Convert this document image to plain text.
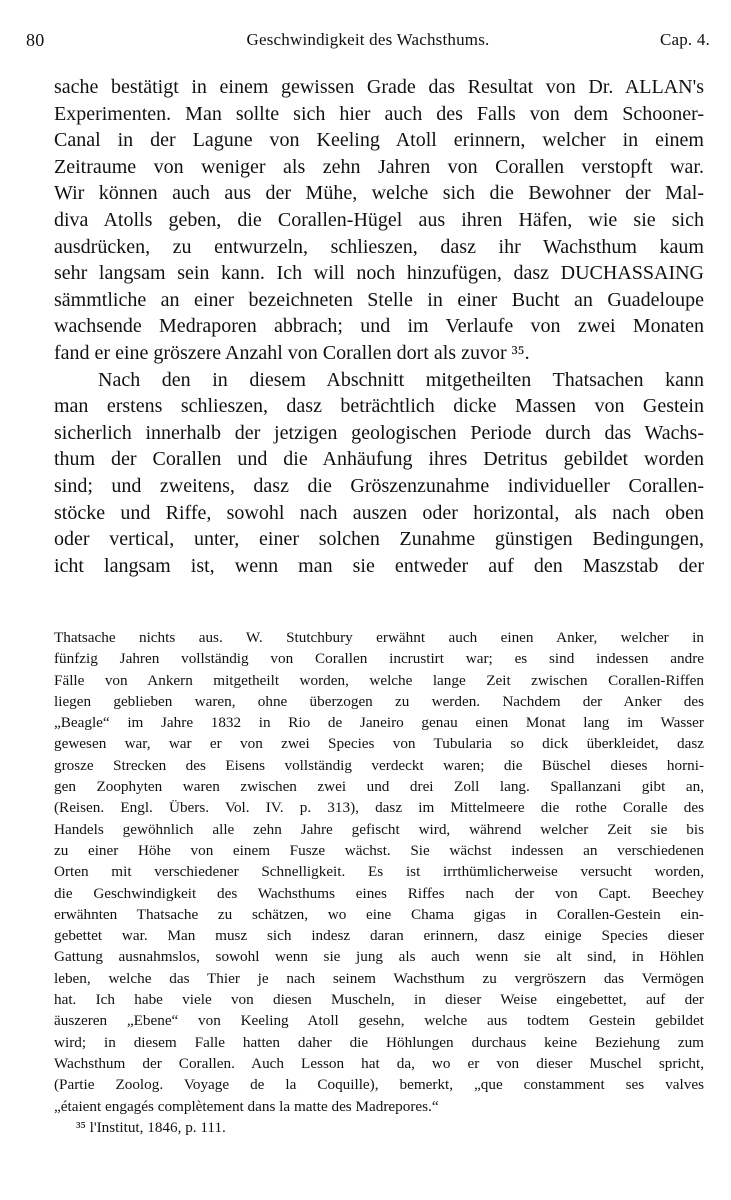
80	Geschwindigkeit des Wachsthums.	Cap. 4.

sache bestätigt in einem gewissen Grade das Resultat von Dr. ALLAN's

Experimenten. Man sollte sich hier auch des Falls von dem Schooner-

Canal in der Lagune von Keeling Atoll erinnern, welcher in einem

Zeitraume von weniger als zehn Jahren von Corallen verstopft war.

Wir können auch aus der Mühe, welche sich die Bewohner der Mal-

diva Atolls geben, die Corallen-Hügel aus ihren Häfen, wie sie sich

ausdrücken, zu entwurzeln, schlieszen, dasz ihr Wachsthum kaum

sehr langsam sein kann. Ich will noch hinzufügen, dasz DUCHASSAING

sämmtliche an einer bezeichneten Stelle in einer Bucht an Guadeloupe

wachsende Medraporen abbrach; und im Verlaufe von zwei Monaten

fand er eine gröszere Anzahl von Corallen dort als zuvor ³⁵.

Nach den in diesem Abschnitt mitgetheilten Thatsachen kann

man erstens schlieszen, dasz beträchtlich dicke Massen von Gestein

sicherlich innerhalb der jetzigen geologischen Periode durch das Wachs-

thum der Corallen und die Anhäufung ihres Detritus gebildet worden

sind; und zweitens, dasz die Gröszenzunahme individueller Corallen-

stöcke und Riffe, sowohl nach auszen oder horizontal, als nach oben

oder vertical, unter, einer solchen Zunahme günstigen Bedingungen,

icht langsam ist, wenn man sie entweder auf den Maszstab der

Thatsache nichts aus. W. Stutchbury erwähnt auch einen Anker, welcher in

fünfzig Jahren vollständig von Corallen incrustirt war; es sind indessen andre

Fälle von Ankern mitgetheilt worden, welche lange Zeit zwischen Corallen-Riffen

liegen geblieben waren, ohne überzogen zu werden. Nachdem der Anker des

„Beagle“ im Jahre 1832 in Rio de Janeiro genau einen Monat lang im Wasser

gewesen war, war er von zwei Species von Tubularia so dick überkleidet, dasz

grosze Strecken des Eisens vollständig verdeckt waren; die Büschel dieses horni-

gen Zoophyten waren zwischen zwei und drei Zoll lang. Spallanzani gibt an,

(Reisen. Engl. Übers. Vol. IV. p. 313), dasz im Mittelmeere die rothe Coralle des

Handels gewöhnlich alle zehn Jahre gefischt wird, während welcher Zeit sie bis

zu einer Höhe von einem Fusze wächst. Sie wächst indessen an verschiedenen

Orten mit verschiedener Schnelligkeit. Es ist irrthümlicherweise versucht worden,

die Geschwindigkeit des Wachsthums eines Riffes nach der von Capt. Beechey

erwähnten Thatsache zu schätzen, wo eine Chama gigas in Corallen-Gestein ein-

gebettet war. Man musz sich indesz daran erinnern, dasz einige Species dieser

Gattung ausnahmslos, sowohl wenn sie jung als auch wenn sie alt sind, in Höhlen

leben, welche das Thier je nach seinem Wachsthum zu vergröszern das Vermögen

hat. Ich habe viele von diesen Muscheln, in dieser Weise eingebettet, auf der

äuszeren „Ebene“ von Keeling Atoll gesehn, welche aus todtem Gestein gebildet

wird; in diesem Falle hatten daher die Höhlungen durchaus keine Beziehung zum

Wachsthum der Corallen. Auch Lesson hat da, wo er von dieser Muschel spricht,

(Partie Zoolog. Voyage de la Coquille), bemerkt, „que constamment ses valves

„étaient engagés complètement dans la matte des Madrepores.“

³⁵ l'Institut, 1846, p. 111.
